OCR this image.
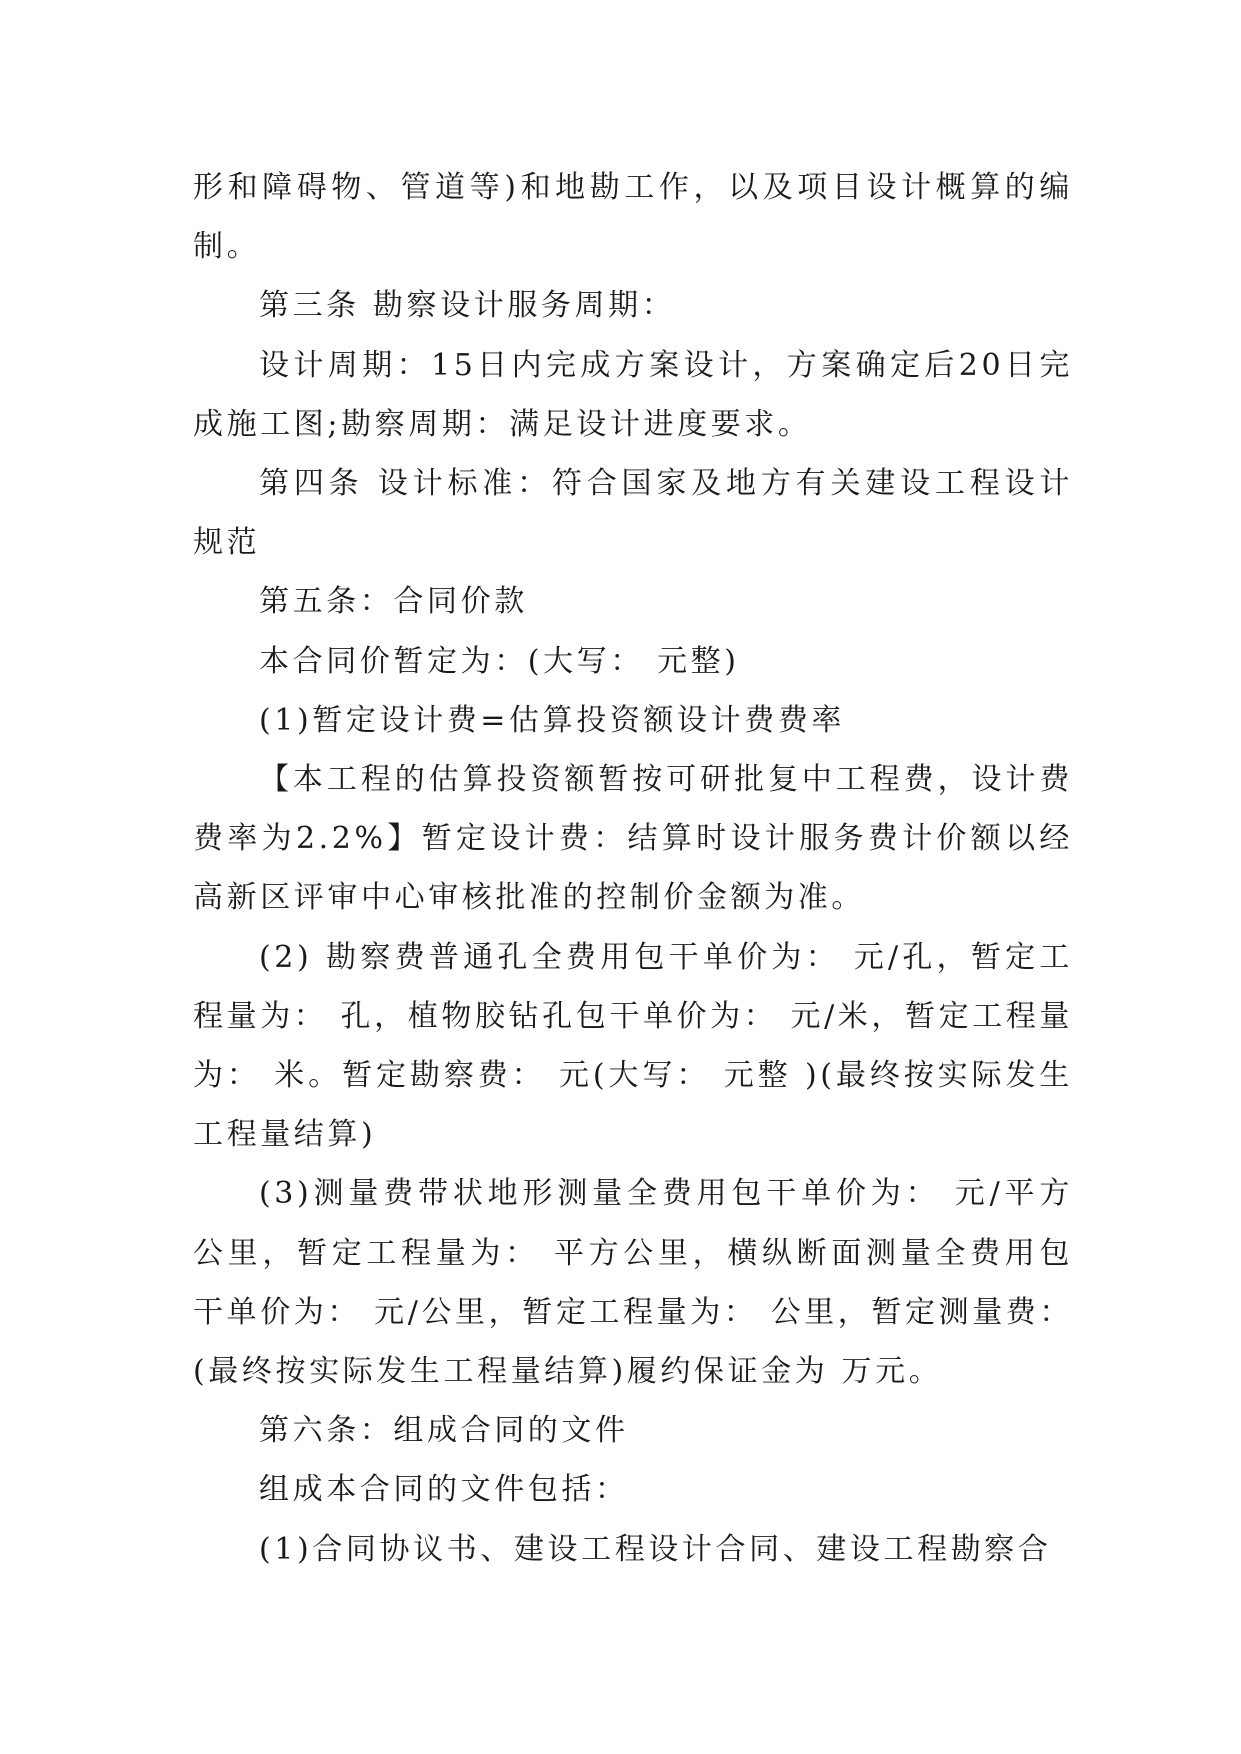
形和障碍物、管道等)和地勘工作，以及项目设计概算的编制。

第三条 勘察设计服务周期：

设计周期：15日内完成方案设计，方案确定后20日完成施工图;勘察周期：满足设计进度要求。

第四条 设计标准：符合国家及地方有关建设工程设计规范

第五条：合同价款

本合同价暂定为：(大写： 元整)

(1)暂定设计费=估算投资额设计费费率

【本工程的估算投资额暂按可研批复中工程费，设计费费率为2.2%】暂定设计费：结算时设计服务费计价额以经高新区评审中心审核批准的控制价金额为准。

(2) 勘察费普通孔全费用包干单价为： 元/孔，暂定工程量为： 孔，植物胶钻孔包干单价为： 元/米，暂定工程量为： 米。暂定勘察费： 元(大写： 元整 )(最终按实际发生工程量结算)

(3)测量费带状地形测量全费用包干单价为： 元/平方公里，暂定工程量为： 平方公里，横纵断面测量全费用包干单价为： 元/公里，暂定工程量为： 公里，暂定测量费：(最终按实际发生工程量结算)履约保证金为 万元。

第六条：组成合同的文件

组成本合同的文件包括：

(1)合同协议书、建设工程设计合同、建设工程勘察合
